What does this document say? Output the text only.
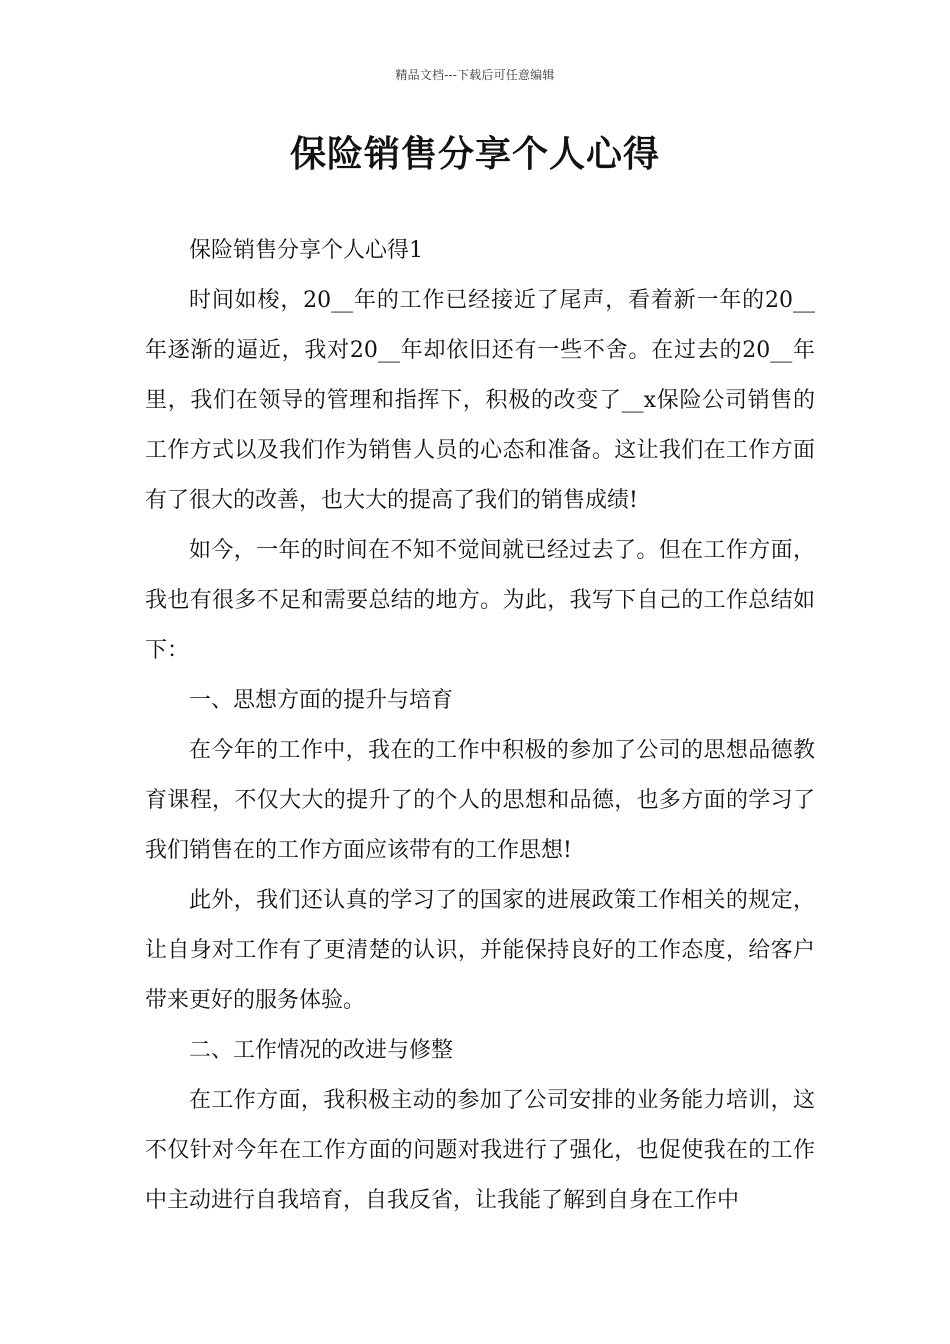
精品文档---下载后可任意编辑
保险销售分享个人心得

保险销售分享个人心得1

时间如梭，20__年的工作已经接近了尾声，看着新一年的20__年逐渐的逼近，我对20__年却依旧还有一些不舍。在过去的20__年里，我们在领导的管理和指挥下，积极的改变了__x保险公司销售的工作方式以及我们作为销售人员的心态和准备。这让我们在工作方面有了很大的改善，也大大的提高了我们的销售成绩!

如今，一年的时间在不知不觉间就已经过去了。但在工作方面，我也有很多不足和需要总结的地方。为此，我写下自己的工作总结如下：

一、思想方面的提升与培育

在今年的工作中，我在的工作中积极的参加了公司的思想品德教育课程，不仅大大的提升了的个人的思想和品德，也多方面的学习了我们销售在的工作方面应该带有的工作思想!

此外，我们还认真的学习了的国家的进展政策工作相关的规定，让自身对工作有了更清楚的认识，并能保持良好的工作态度，给客户带来更好的服务体验。

二、工作情况的改进与修整

在工作方面，我积极主动的参加了公司安排的业务能力培训，这不仅针对今年在工作方面的问题对我进行了强化，也促使我在的工作中主动进行自我培育，自我反省，让我能了解到自身在工作中
